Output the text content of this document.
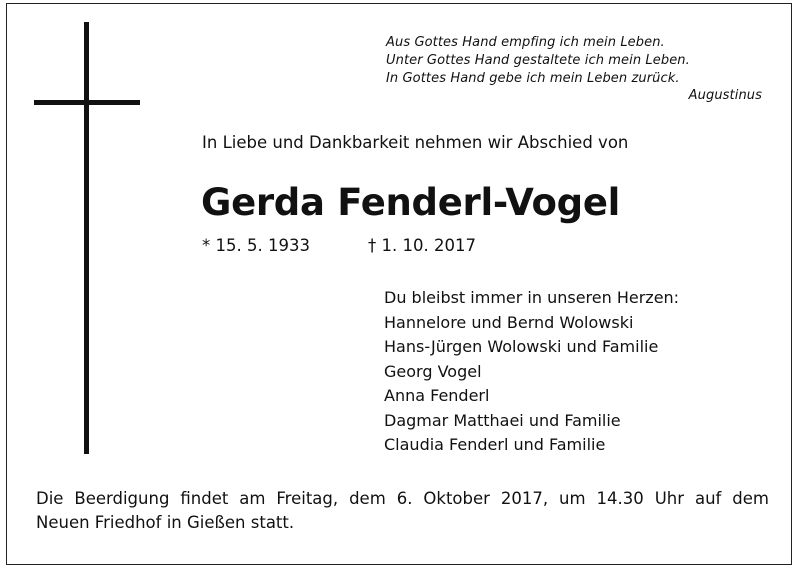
Aus Gottes Hand empfing ich mein Leben.
Unter Gottes Hand gestaltete ich mein Leben.
In Gottes Hand gebe ich mein Leben zurück.
Augustinus
In Liebe und Dankbarkeit nehmen wir Abschied von
Gerda Fenderl-Vogel
* 15. 5. 1933	† 1. 10. 2017
Du bleibst immer in unseren Herzen:
Hannelore und Bernd Wolowski
Hans-Jürgen Wolowski und Familie
Georg Vogel
Anna Fenderl
Dagmar Matthaei und Familie
Claudia Fenderl und Familie
Die Beerdigung findet am Freitag, dem 6. Oktober 2017, um 14.30 Uhr auf dem
Neuen Friedhof in Gießen statt.
